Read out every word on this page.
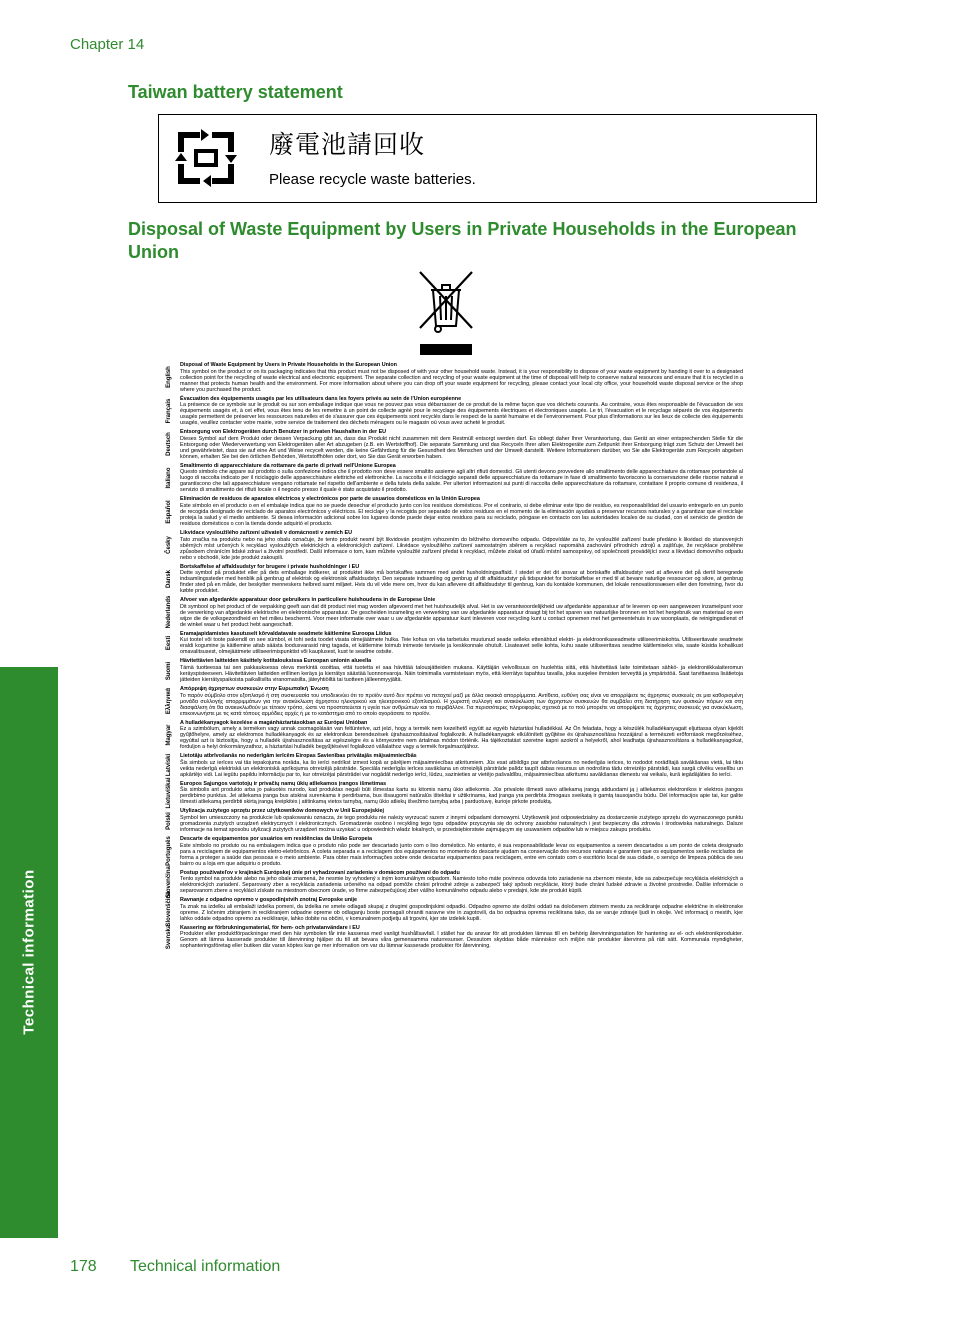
Chapter 14
Taiwan battery statement
廢電池請回收
Please recycle waste batteries.
Disposal of Waste Equipment by Users in Private Households in the European Union
English
Disposal of Waste Equipment by Users in Private Households in the European Union
This symbol on the product or on its packaging indicates that this product must not be disposed of with your other household waste. Instead, it is your responsibility to dispose of your waste equipment by handing it over to a designated collection point for the recycling of waste electrical and electronic equipment. The separate collection and recycling of your waste equipment at the time of disposal will help to conserve natural resources and ensure that it is recycled in a manner that protects human health and the environment. For more information about where you can drop off your waste equipment for recycling, please contact your local city office, your household waste disposal service or the shop where you purchased the product.
Français Évacuation des équipements usagés par les utilisateurs dans les foyers privés au sein de l'Union européenne
La présence de ce symbole sur le produit ou sur son emballage indique que vous ne pouvez pas vous débarrasser de ce produit de la même façon que vos déchets courants. Au contraire, vous êtes responsable de l'évacuation de vos équipements usagés et, à cet effet, vous êtes tenu de les remettre à un point de collecte agréé pour le recyclage des équipements électriques et électroniques usagés. Le tri, l'évacuation et le recyclage séparés de vos équipements usagés permettent de préserver les ressources naturelles et de s'assurer que ces équipements sont recyclés dans le respect de la santé humaine et de l'environnement. Pour plus d'informations sur les lieux de collecte des équipements usagés, veuillez contacter votre mairie, votre service de traitement des déchets ménagers ou le magasin où vous avez acheté le produit.
Deutsch
Entsorgung von Elektrogeräten durch Benutzer in privaten Haushalten in der EU
Dieses Symbol auf dem Produkt oder dessen Verpackung gibt an, dass das Produkt nicht zusammen mit dem Restmüll entsorgt werden darf. Es obliegt daher Ihrer Verantwortung, das Gerät an einer entsprechenden Stelle für die Entsorgung oder Wiederverwertung von Elektrogeräten aller Art abzugeben (z.B. ein Wertstoffhof). Die separate Sammlung und das Recyceln Ihrer alten Elektrogeräte zum Zeitpunkt ihrer Entsorgung trägt zum Schutz der Umwelt bei und gewährleistet, dass sie auf eine Art und Weise recycelt werden, die keine Gefährdung für die Gesundheit des Menschen und der Umwelt darstellt. Weitere Informationen darüber, wo Sie alte Elektrogeräte zum Recyceln abgeben können, erhalten Sie bei den örtlichen Behörden, Wertstoffhöfen oder dort, wo Sie das Gerät erworben haben.
Italiano
Smaltimento di apparecchiature da rottamare da parte di privati nell'Unione Europea
Questo simbolo che appare sul prodotto o sulla confezione indica che il prodotto non deve essere smaltito assieme agli altri rifiuti domestici. Gli utenti devono provvedere allo smaltimento delle apparecchiature da rottamare portandole al luogo di raccolta indicato per il riciclaggio delle apparecchiature elettriche ed elettroniche. La raccolta e il riciclaggio separati delle apparecchiature da rottamare in fase di smaltimento favoriscono la conservazione delle risorse naturali e garantiscono che tali apparecchiature vengano rottamate nel rispetto dell'ambiente e della tutela della salute. Per ulteriori informazioni sui punti di raccolta delle apparecchiature da rottamare, contattare il proprio comune di residenza, il servizio di smaltimento dei rifiuti locale o il negozio presso il quale è stato acquistato il prodotto.
Español
Eliminación de residuos de aparatos eléctricos y electrónicos por parte de usuarios domésticos en la Unión Europea
Este símbolo en el producto o en el embalaje indica que no se puede desechar el producto junto con los residuos domésticos. Por el contrario, si debe eliminar este tipo de residuo, es responsabilidad del usuario entregarlo en un punto de recogida designado de reciclado de aparatos electrónicos y eléctricos. El reciclaje y la recogida por separado de estos residuos en el momento de la eliminación ayudará a preservar recursos naturales y a garantizar que el reciclaje proteja la salud y el medio ambiente. Si desea información adicional sobre los lugares donde puede dejar estos residuos para su reciclado, póngase en contacto con las autoridades locales de su ciudad, con el servicio de gestión de residuos domésticos o con la tienda donde adquirió el producto.
Česky
Likvidace vysloužilého zařízení uživateli v domácnosti v zemích EU
Tato značka na produktu nebo na jeho obalu označuje, že tento produkt nesmí být likvidován prostým vyhozením do běžného domovního odpadu. Odpovídáte za to, že vysloužilé zařízení bude předáno k likvidaci do stanovených sběrných míst určených k recyklaci vysloužilých elektrických a elektronických zařízení. Likvidace vysloužilého zařízení samostatným sběrem a recyklací napomáhá zachování přírodních zdrojů a zajišťuje, že recyklace proběhne způsobem chránícím lidské zdraví a životní prostředí. Další informace o tom, kam můžete vysloužilé zařízení předat k recyklaci, můžete získat od úřadů místní samosprávy, od společnosti provádějící svoz a likvidaci domovního odpadu nebo v obchodě, kde jste produkt zakoupili.
Dansk
Bortskaffelse af affaldsudstyr for brugere i private husholdninger i EU
Dette symbol på produktet eller på dets emballage indikerer, at produktet ikke må bortskaffes sammen med andet husholdningsaffald. I stedet er det dit ansvar at bortskaffe affaldsudstyr ved at aflevere det på dertil beregnede indsamlingssteder med henblik på genbrug af elektrisk og elektronisk affaldsudstyr. Den separate indsamling og genbrug af dit affaldsudstyr på tidspunktet for bortskaffelse er med til at bevare naturlige ressourcer og sikre, at genbrug finder sted på en måde, der beskytter menneskers helbred samt miljøet. Hvis du vil vide mere om, hvor du kan aflevere dit affaldsudstyr til genbrug, kan du kontakte kommunen, det lokale renovationsvæsen eller den forretning, hvor du købte produktet.
Nederlands Afvoer van afgedankte apparatuur door gebruikers in particuliere huishoudens in de Europese Unie
Dit symbool op het product of de verpakking geeft aan dat dit product niet mag worden afgevoerd met het huishoudelijk afval. Het is uw verantwoordelijkheid uw afgedankte apparatuur af te leveren op een aangewezen inzamelpunt voor de verwerking van afgedankte elektrische en elektronische apparatuur. De gescheiden inzameling en verwerking van uw afgedankte apparatuur draagt bij tot het sparen van natuurlijke bronnen en tot het hergebruik van materiaal op een wijze die de volksgezondheid en het milieu beschermt. Voor meer informatie over waar u uw afgedankte apparatuur kunt inleveren voor recycling kunt u contact opnemen met het gemeentehuis in uw woonplaats, de reinigingsdienst of de winkel waar u het product hebt aangeschaft.
Eesti
Eramajapidamistes kasutuselt kõrvaldatavate seadmete käitlemine Euroopa Liidus
Kui tootel või toote pakendil on see sümbol, ei tohi seda toodet visata olmejäätmete hulka. Teie kohus on viia tarbetuks muutunud seade selleks ettenähtud elektri- ja elektroonikaseadmete utiliseerimiskohta. Utiliseeritavate seadmete eraldi kogumine ja käitlemine aitab säästa loodusvarasid ning tagada, et käitlemine toimub inimeste tervisele ja keskkonnale ohutult. Lisateavet selle kohta, kuhu saate utiliseeritava seadme käitlemiseks viia, saate küsida kohalikust omavalitsusest, olmejäätmete utiliseerimispunktist või kauplusest, kust te seadme ostsite.
Suomi
Hävitettävien laitteiden käsittely kotitalouksissa Euroopan unionin alueella
Tämä tuotteessa tai sen pakkauksessa oleva merkintä osoittaa, että tuotetta ei saa hävittää talousjätteiden mukana. Käyttäjän velvollisuus on huolehtia siitä, että hävitettävä laite toimitetaan sähkö- ja elektroniikkalaiteromun keräyspisteeseen. Hävitettävien laitteiden erillinen keräys ja kierrätys säästää luonnonvaroja. Näin toimimalla varmistetaan myös, että kierrätys tapahtuu tavalla, joka suojelee ihmisten terveyttä ja ympäristöä. Saat tarvittaessa lisätietoja jätteiden kierrätyspaikoista paikallisilta viranomaisilta, jäteyhtiöiltä tai tuotteen jälleenmyyjältä.
Ελληνικά Απόρριψη άχρηστων συσκευών στην Ευρωπαϊκή Ένωση
Το παρόν σύμβολο στον εξοπλισμό ή στη συσκευασία του υποδεικνύει ότι το προϊόν αυτό δεν πρέπει να πεταχτεί μαζί με άλλα οικιακά απορρίμματα. Αντίθετα, ευθύνη σας είναι να απορρίψετε τις άχρηστες συσκευές σε μια καθορισμένη μονάδα συλλογής απορριμμάτων για την ανακύκλωση άχρηστου ηλεκτρικού και ηλεκτρονικού εξοπλισμού. Η χωριστή συλλογή και ανακύκλωση των άχρηστων συσκευών θα συμβάλει στη διατήρηση των φυσικών πόρων και στη διασφάλιση ότι θα ανακυκλωθούν με τέτοιον τρόπο, ώστε να προστατεύεται η υγεία των ανθρώπων και το περιβάλλον. Για περισσότερες πληροφορίες σχετικά με το πού μπορείτε να απορρίψετε τις άχρηστες συσκευές για ανακύκλωση, επικοινωνήστε με τις κατά τόπους αρμόδιες αρχές ή με το κατάστημα από το οποίο αγοράσατε το προϊόν.
Magyar
A hulladékanyagok kezelése a magánháztartásokban az Európai Unióban
Ez a szimbólum, amely a terméken vagy annak csomagolásán van feltüntetve, azt jelzi, hogy a termék nem kezelhető együtt az egyéb háztartási hulladékkal. Az Ön feladata, hogy a készülék hulladékanyagait eljuttassa olyan kijelölt gyűjtőhelyre, amely az elektromos hulladékanyagok és az elektronikus berendezések újrahasznosításával foglalkozik. A hulladékanyagok elkülönített gyűjtése és újrahasznosítása hozzájárul a természeti erőforrások megőrzéséhez, egyúttal azt is biztosítja, hogy a hulladék újrahasznosítása az egészségre és a környezetre nem ártalmas módon történik. Ha tájékoztatást szeretne kapni azokról a helyekről, ahol leadhatja újrahasznosításra a hulladékanyagokat, forduljon a helyi önkormányzathoz, a háztartási hulladék begyűjtésével foglalkozó vállalathoz vagy a termék forgalmazójához.
Latviski Lietotāju atbrīvošanās no nederīgām ierīcēm Eiropas Savienības privātajās mājsaimniecībās
Šis simbols uz ierīces vai tās iepakojuma norāda, ka šo ierīci nedrīkst izmest kopā ar pārējiem mājsaimniecības atkritumiem. Jūs esat atbildīgs par atbrīvošanos no nederīgās ierīces, to nododot norādītajā savākšanas vietā, lai tiktu veikta nederīgā elektriskā un elektroniskā aprīkojuma otrreizējā pārstrāde. Speciāla nederīgās ierīces savākšana un otrreizējā pārstrāde palīdz taupīt dabas resursus un nodrošina tādu otrreizējo pārstrādi, kas sargā cilvēku veselību un apkārtējo vidi. Lai iegūtu papildu informāciju par to, kur otrreizējai pārstrādei var nogādāt nederīgo ierīci, lūdzu, sazinieties ar vietējo pašvaldību, mājsaimniecības atkritumu savākšanas dienestu vai veikalu, kurā iegādājāties šo ierīci.
Lietuviškai Europos Sąjungos vartotojų ir privačių namų ūkių atliekamos įrangos išmetimas
Šis simbolis ant produkto arba jo pakuotės nurodo, kad produktas negali būti išmestas kartu su kitomis namų ūkio atliekomis. Jūs privalote išmesti savo atliekamą įrangą atiduodami ją į atliekamos elektronikos ir elektros įrangos perdirbimo punktus. Jei atliekama įranga bus atskirai surenkama ir perdirbama, bus išsaugomi natūralūs ištekliai ir užtikrinama, kad įranga yra perdirbta žmogaus sveikatą ir gamtą tausojančiu būdu. Dėl informacijos apie tai, kur galite išmesti atliekamą perdirbti skirtą įrangą kreipkitės į atitinkamą vietos tarnybą, namų ūkio atliekų išvežimo tarnybą arba į parduotuvę, kurioje pirkote produktą.
Polski
Utylizacja zużytego sprzętu przez użytkowników domowych w Unii Europejskiej
Symbol ten umieszczony na produkcie lub opakowaniu oznacza, że tego produktu nie należy wyrzucać razem z innymi odpadami domowymi. Użytkownik jest odpowiedzialny za dostarczenie zużytego sprzętu do wyznaczonego punktu gromadzenia zużytych urządzeń elektrycznych i elektronicznych. Gromadzenie osobno i recykling tego typu odpadów przyczynia się do ochrony zasobów naturalnych i jest bezpieczny dla zdrowia i środowiska naturalnego. Dalsze informacje na temat sposobu utylizacji zużytych urządzeń można uzyskać u odpowiednich władz lokalnych, w przedsiębiorstwie zajmującym się usuwaniem odpadów lub w miejscu zakupu produktu.
Português Descarte de equipamentos por usuários em residências da União Europeia
Este símbolo no produto ou na embalagem indica que o produto não pode ser descartado junto com o lixo doméstico. No entanto, é sua responsabilidade levar os equipamentos a serem descartados a um ponto de coleta designado para a reciclagem de equipamentos eletro-eletrônicos. A coleta separada e a reciclagem dos equipamentos no momento do descarte ajudam na conservação dos recursos naturais e garantem que os equipamentos serão reciclados de forma a proteger a saúde das pessoas e o meio ambiente. Para obter mais informações sobre onde descartar equipamentos para reciclagem, entre em contato com o escritório local de sua cidade, o serviço de limpeza pública de seu bairro ou a loja em que adquiriu o produto.
Slovenčina Postup používateľov v krajinách Európskej únie pri vyhadzovaní zariadenia v domácom používaní do odpadu
Tento symbol na produkte alebo na jeho obale znamená, že nesmie by vyhodený s iným komunálnym odpadom. Namiesto toho máte povinnos odovzda toto zariadenie na zbernom mieste, kde sa zabezpečuje recyklácia elektrických a elektronických zariadení. Separovaný zber a recyklácia zariadenia určeného na odpad pomôže chráni prírodné zdroje a zabezpečí taký spôsob recyklácie, ktorý bude chráni ľudské zdravie a životné prostredie. Ďalšie informácie o separovanom zbere a recyklácii získate na miestnom obecnom úrade, vo firme zabezpečujúcej zber vášho komunálneho odpadu alebo v predajni, kde ste produkt kúpili.
Slovenščina Ravnanje z odpadno opremo v gospodinjstvih znotraj Evropske unije
Ta znak na izdelku ali embalaži izdelka pomeni, da izdelka ne smete odlagati skupaj z drugimi gospodinjskimi odpadki. Odpadno opremo ste dolžni oddati na določenem zbirnem mestu za recikliranje odpadne električne in elektronske opreme. Z ločenim zbiranjem in recikliranjem odpadne opreme ob odlaganju boste pomagali ohraniti naravne vire in zagotovili, da bo odpadna oprema reciklirana tako, da se varuje zdravje ljudi in okolje. Več informacij o mestih, kjer lahko oddate odpadno opremo za recikliranje, lahko dobite na občini, v komunalnem podjetju ali trgovini, kjer ste izdelek kupili.
Svenska Kassering av förbrukningsmaterial, för hem- och privatanvändare i EU
Produkter eller produktförpackningar med den här symbolen får inte kasseras med vanligt hushållsavfall. I stället har du ansvar för att produkten lämnas till en behörig återvinningsstation för hantering av el- och elektronikprodukter. Genom att lämna kasserade produkter till återvinning hjälper du till att bevara våra gemensamma naturresurser. Dessutom skyddas både människor och miljön när produkter återvinns på rätt sätt. Kommunala myndigheter, sophanteringsföretag eller butiken där varan köptes kan ge mer information om var du lämnar kasserade produkter för återvinning.
Technical information
178 Technical information
